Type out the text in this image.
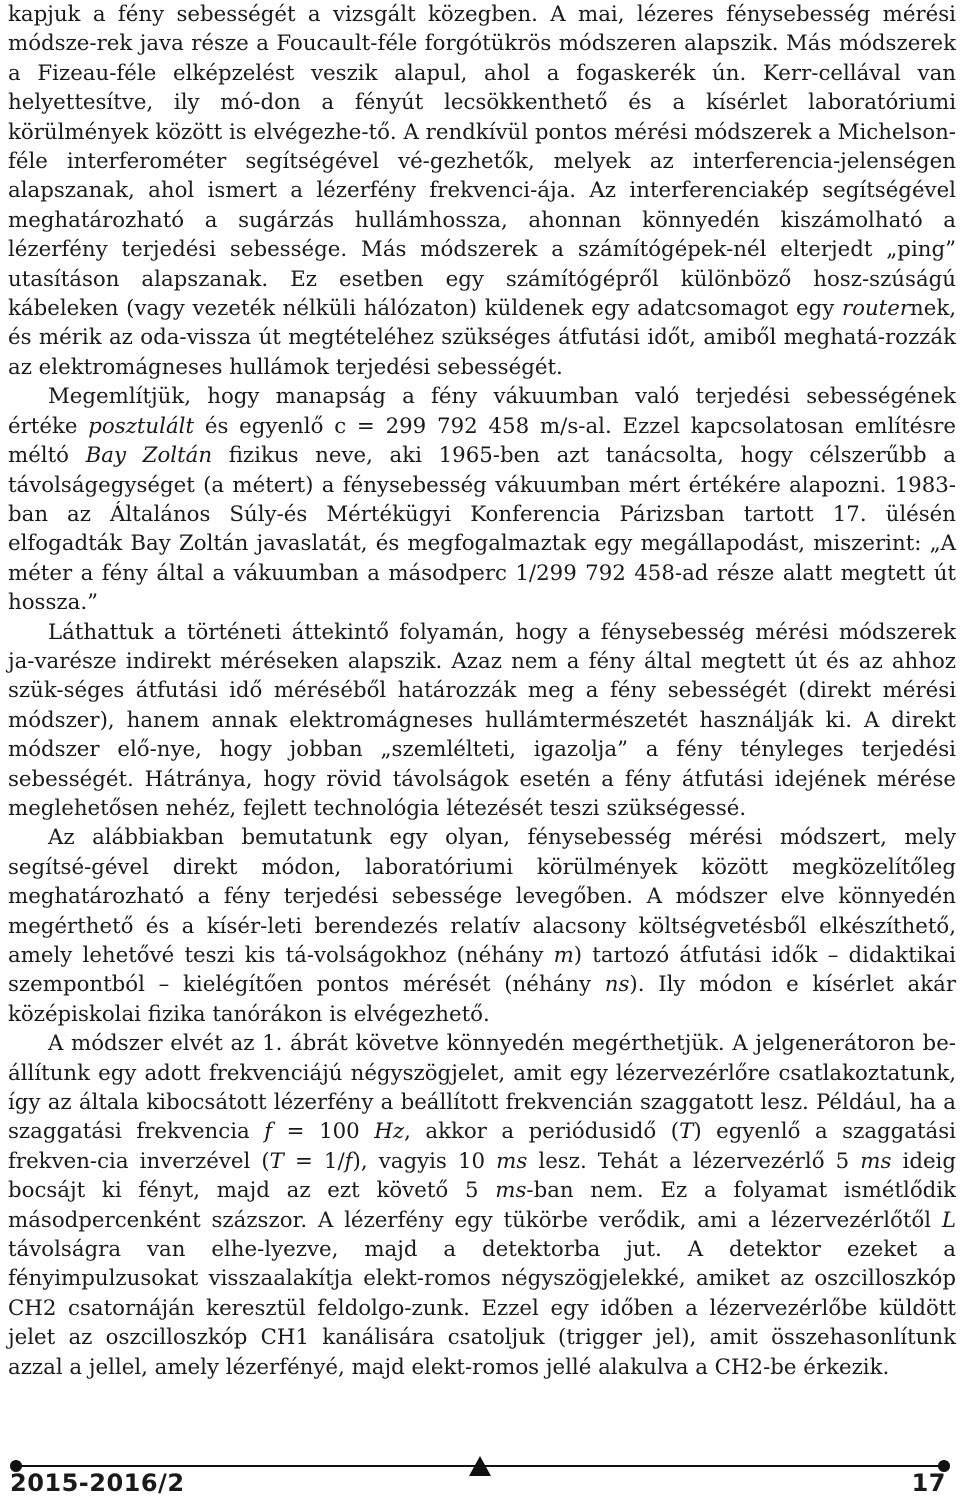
kapjuk a fény sebességét a vizsgált közegben. A mai, lézeres fénysebesség mérési módsze-rek java része a Foucault-féle forgótükrös módszeren alapszik. Más módszerek a Fizeau-féle elképzelést veszik alapul, ahol a fogaskerék ún. Kerr-cellával van helyettesítve, ily mó-don a fényút lecsökkenthető és a kísérlet laboratóriumi körülmények között is elvégezhe-tő. A rendkívül pontos mérési módszerek a Michelson-féle interferométer segítségével vé-gezhetők, melyek az interferencia-jelenségen alapszanak, ahol ismert a lézerfény frekvenci-ája. Az interferenciakép segítségével meghatározható a sugárzás hullámhossza, ahonnan könnyedén kiszámolható a lézerfény terjedési sebessége. Más módszerek a számítógépek-nél elterjedt „ping” utasításon alapszanak. Ez esetben egy számítógépről különböző hosz-szúságú kábeleken (vagy vezeték nélküli hálózaton) küldenek egy adatcsomagot egy routernek, és mérik az oda-vissza út megtételéhez szükséges átfutási időt, amiből meghatá-rozzák az elektromágneses hullámok terjedési sebességét.

Megemlítjük, hogy manapság a fény vákuumban való terjedési sebességének értéke posztulált és egyenlő c = 299 792 458 m/s-al. Ezzel kapcsolatosan említésre méltó Bay Zoltán fizikus neve, aki 1965-ben azt tanácsolta, hogy célszerűbb a távolságegységet (a métert) a fénysebesség vákuumban mért értékére alapozni. 1983-ban az Általános Súly-és Mértékügyi Konferencia Párizsban tartott 17. ülésén elfogadták Bay Zoltán javaslatát, és megfogalmaztak egy megállapodást, miszerint: „A méter a fény által a vákuumban a másodperc 1/299 792 458-ad része alatt megtett út hossza.”

Láthattuk a történeti áttekintő folyamán, hogy a fénysebesség mérési módszerek ja-varésze indirekt méréseken alapszik. Azaz nem a fény által megtett út és az ahhoz szük-séges átfutási idő méréséből határozzák meg a fény sebességét (direkt mérési módszer), hanem annak elektromágneses hullámtermészetét használják ki. A direkt módszer elő-nye, hogy jobban „szemlélteti, igazolja” a fény tényleges terjedési sebességét. Hátránya, hogy rövid távolságok esetén a fény átfutási idejének mérése meglehetősen nehéz, fejlett technológia létezését teszi szükségessé.

Az alábbiakban bemutatunk egy olyan, fénysebesség mérési módszert, mely segítsé-gével direkt módon, laboratóriumi körülmények között megközelítőleg meghatározható a fény terjedési sebessége levegőben. A módszer elve könnyedén megérthető és a kísér-leti berendezés relatív alacsony költségvetésből elkészíthető, amely lehetővé teszi kis tá-volságokhoz (néhány m) tartozó átfutási idők – didaktikai szempontból – kielégítően pontos mérését (néhány ns). Ily módon e kísérlet akár középiskolai fizika tanórákon is elvégezhető.

A módszer elvét az 1. ábrát követve könnyedén megérthetjük. A jelgenerátoron be-állítunk egy adott frekvenciájú négyszögjelet, amit egy lézervezérlőre csatlakoztatunk, így az általa kibocsátott lézerfény a beállított frekvencián szaggatott lesz. Például, ha a szaggatási frekvencia f = 100 Hz, akkor a periódusidő (T) egyenlő a szaggatási frekven-cia inverzével (T = 1/f), vagyis 10 ms lesz. Tehát a lézervezérlő 5 ms ideig bocsájt ki fényt, majd az ezt követő 5 ms-ban nem. Ez a folyamat ismétlődik másodpercenként százszor. A lézerfény egy tükörbe verődik, ami a lézervezérlőtől L távolságra van elhe-lyezve, majd a detektorba jut. A detektor ezeket a fényimpulzusokat visszaalakítja elekt-romos négyszögjelekké, amiket az oszcilloszkóp CH2 csatornáján keresztül feldolgo-zunk. Ezzel egy időben a lézervezérlőbe küldött jelet az oszcilloszkóp CH1 kanálisára csatoljuk (trigger jel), amit összehasonlítunk azzal a jellel, amely lézerfényé, majd elekt-romos jellé alakulva a CH2-be érkezik.

2015-2016/2	17
